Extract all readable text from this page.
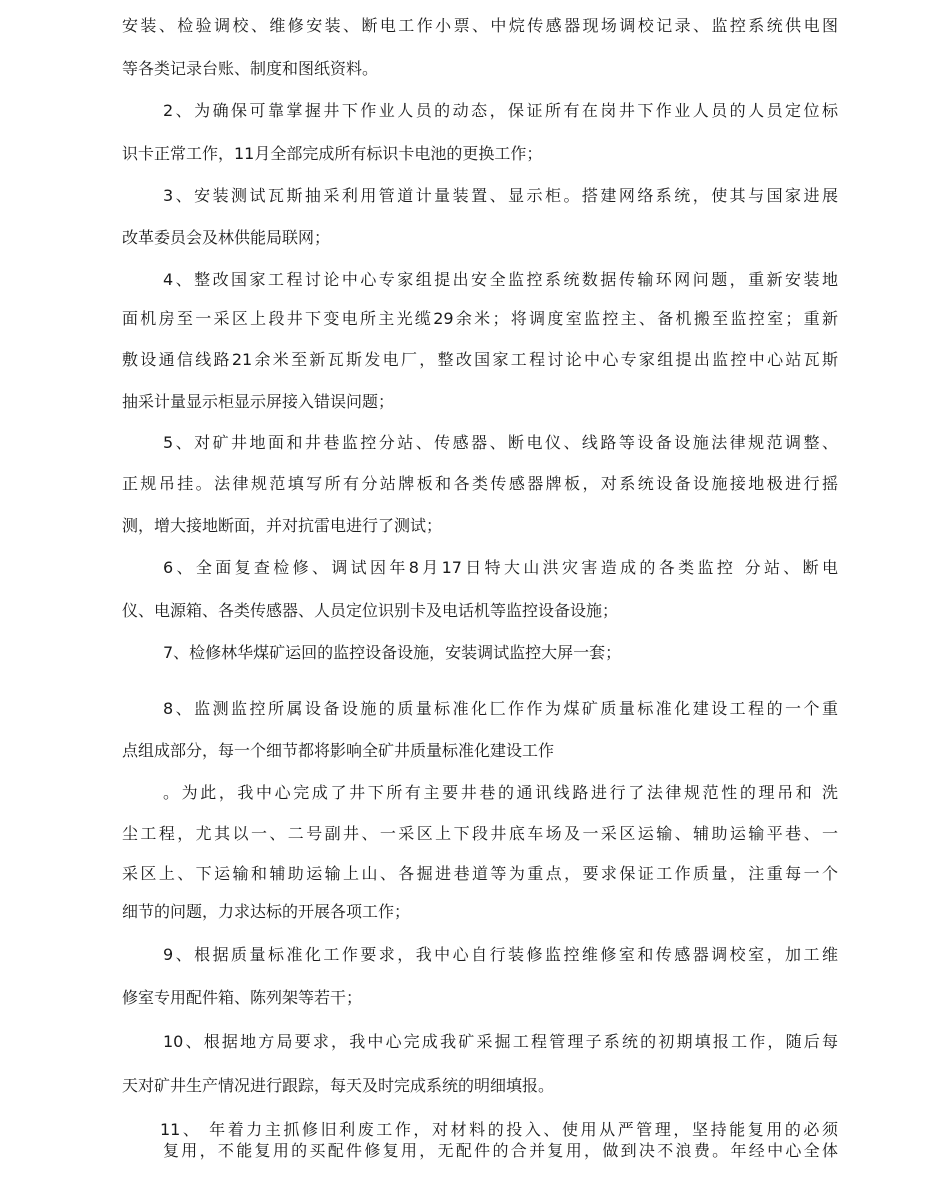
安装、检验调校、维修安装、断电工作小票、中烷传感器现场调校记录、监控系统供电图
等各类记录台账、制度和图纸资料。
2、为确保可靠掌握井下作业人员的动态，保证所有在岗井下作业人员的人员定位标
识卡正常工作，11月全部完成所有标识卡电池的更换工作；
3、安装测试瓦斯抽采利用管道计量装置、显示柜。搭建网络系统，使其与国家进展
改革委员会及林供能局联网；
4、整改国家工程讨论中心专家组提出安全监控系统数据传输环网问题，重新安装地
面机房至一采区上段井下变电所主光缆29余米；将调度室监控主、备机搬至监控室；重新
敷设通信线路21余米至新瓦斯发电厂，整改国家工程讨论中心专家组提出监控中心站瓦斯
抽采计量显示柜显示屏接入错误问题；
5、对矿井地面和井巷监控分站、传感器、断电仪、线路等设备设施法律规范调整、
正规吊挂。法律规范填写所有分站牌板和各类传感器牌板，对系统设备设施接地极进行摇
测，增大接地断面，并对抗雷电进行了测试；
6、全面复查检修、调试因年8月17日特大山洪灾害造成的各类监控 分站、断电
仪、电源箱、各类传感器、人员定位识别卡及电话机等监控设备设施；
7、检修林华煤矿运回的监控设备设施，安装调试监控大屏一套；
8、监测监控所属设备设施的质量标准化匚作作为煤矿质量标准化建设工程的一个重
点组成部分，每一个细节都将影响全矿井质量标准化建设工作
。为此，我中心完成了井下所有主要井巷的通讯线路进行了法律规范性的理吊和 洗
尘工程，尤其以一、二号副井、一采区上下段井底车场及一采区运输、辅助运输平巷、一
采区上、下运输和辅助运输上山、各掘进巷道等为重点，要求保证工作质量，注重每一个
细节的问题，力求达标的开展各项工作；
9、根据质量标准化工作要求，我中心自行装修监控维修室和传感器调校室，加工维
修室专用配件箱、陈列架等若干；
10、根据地方局要求，我中心完成我矿采掘工程管理子系统的初期填报工作，随后每
天对矿井生产情况进行跟踪，每天及时完成系统的明细填报。
11、 年着力主抓修旧利废工作，对材料的投入、使用从严管理，坚持能复用的必须
复用，不能复用的买配件修复用，无配件的合并复用，做到决不浪费。年经中心全体
